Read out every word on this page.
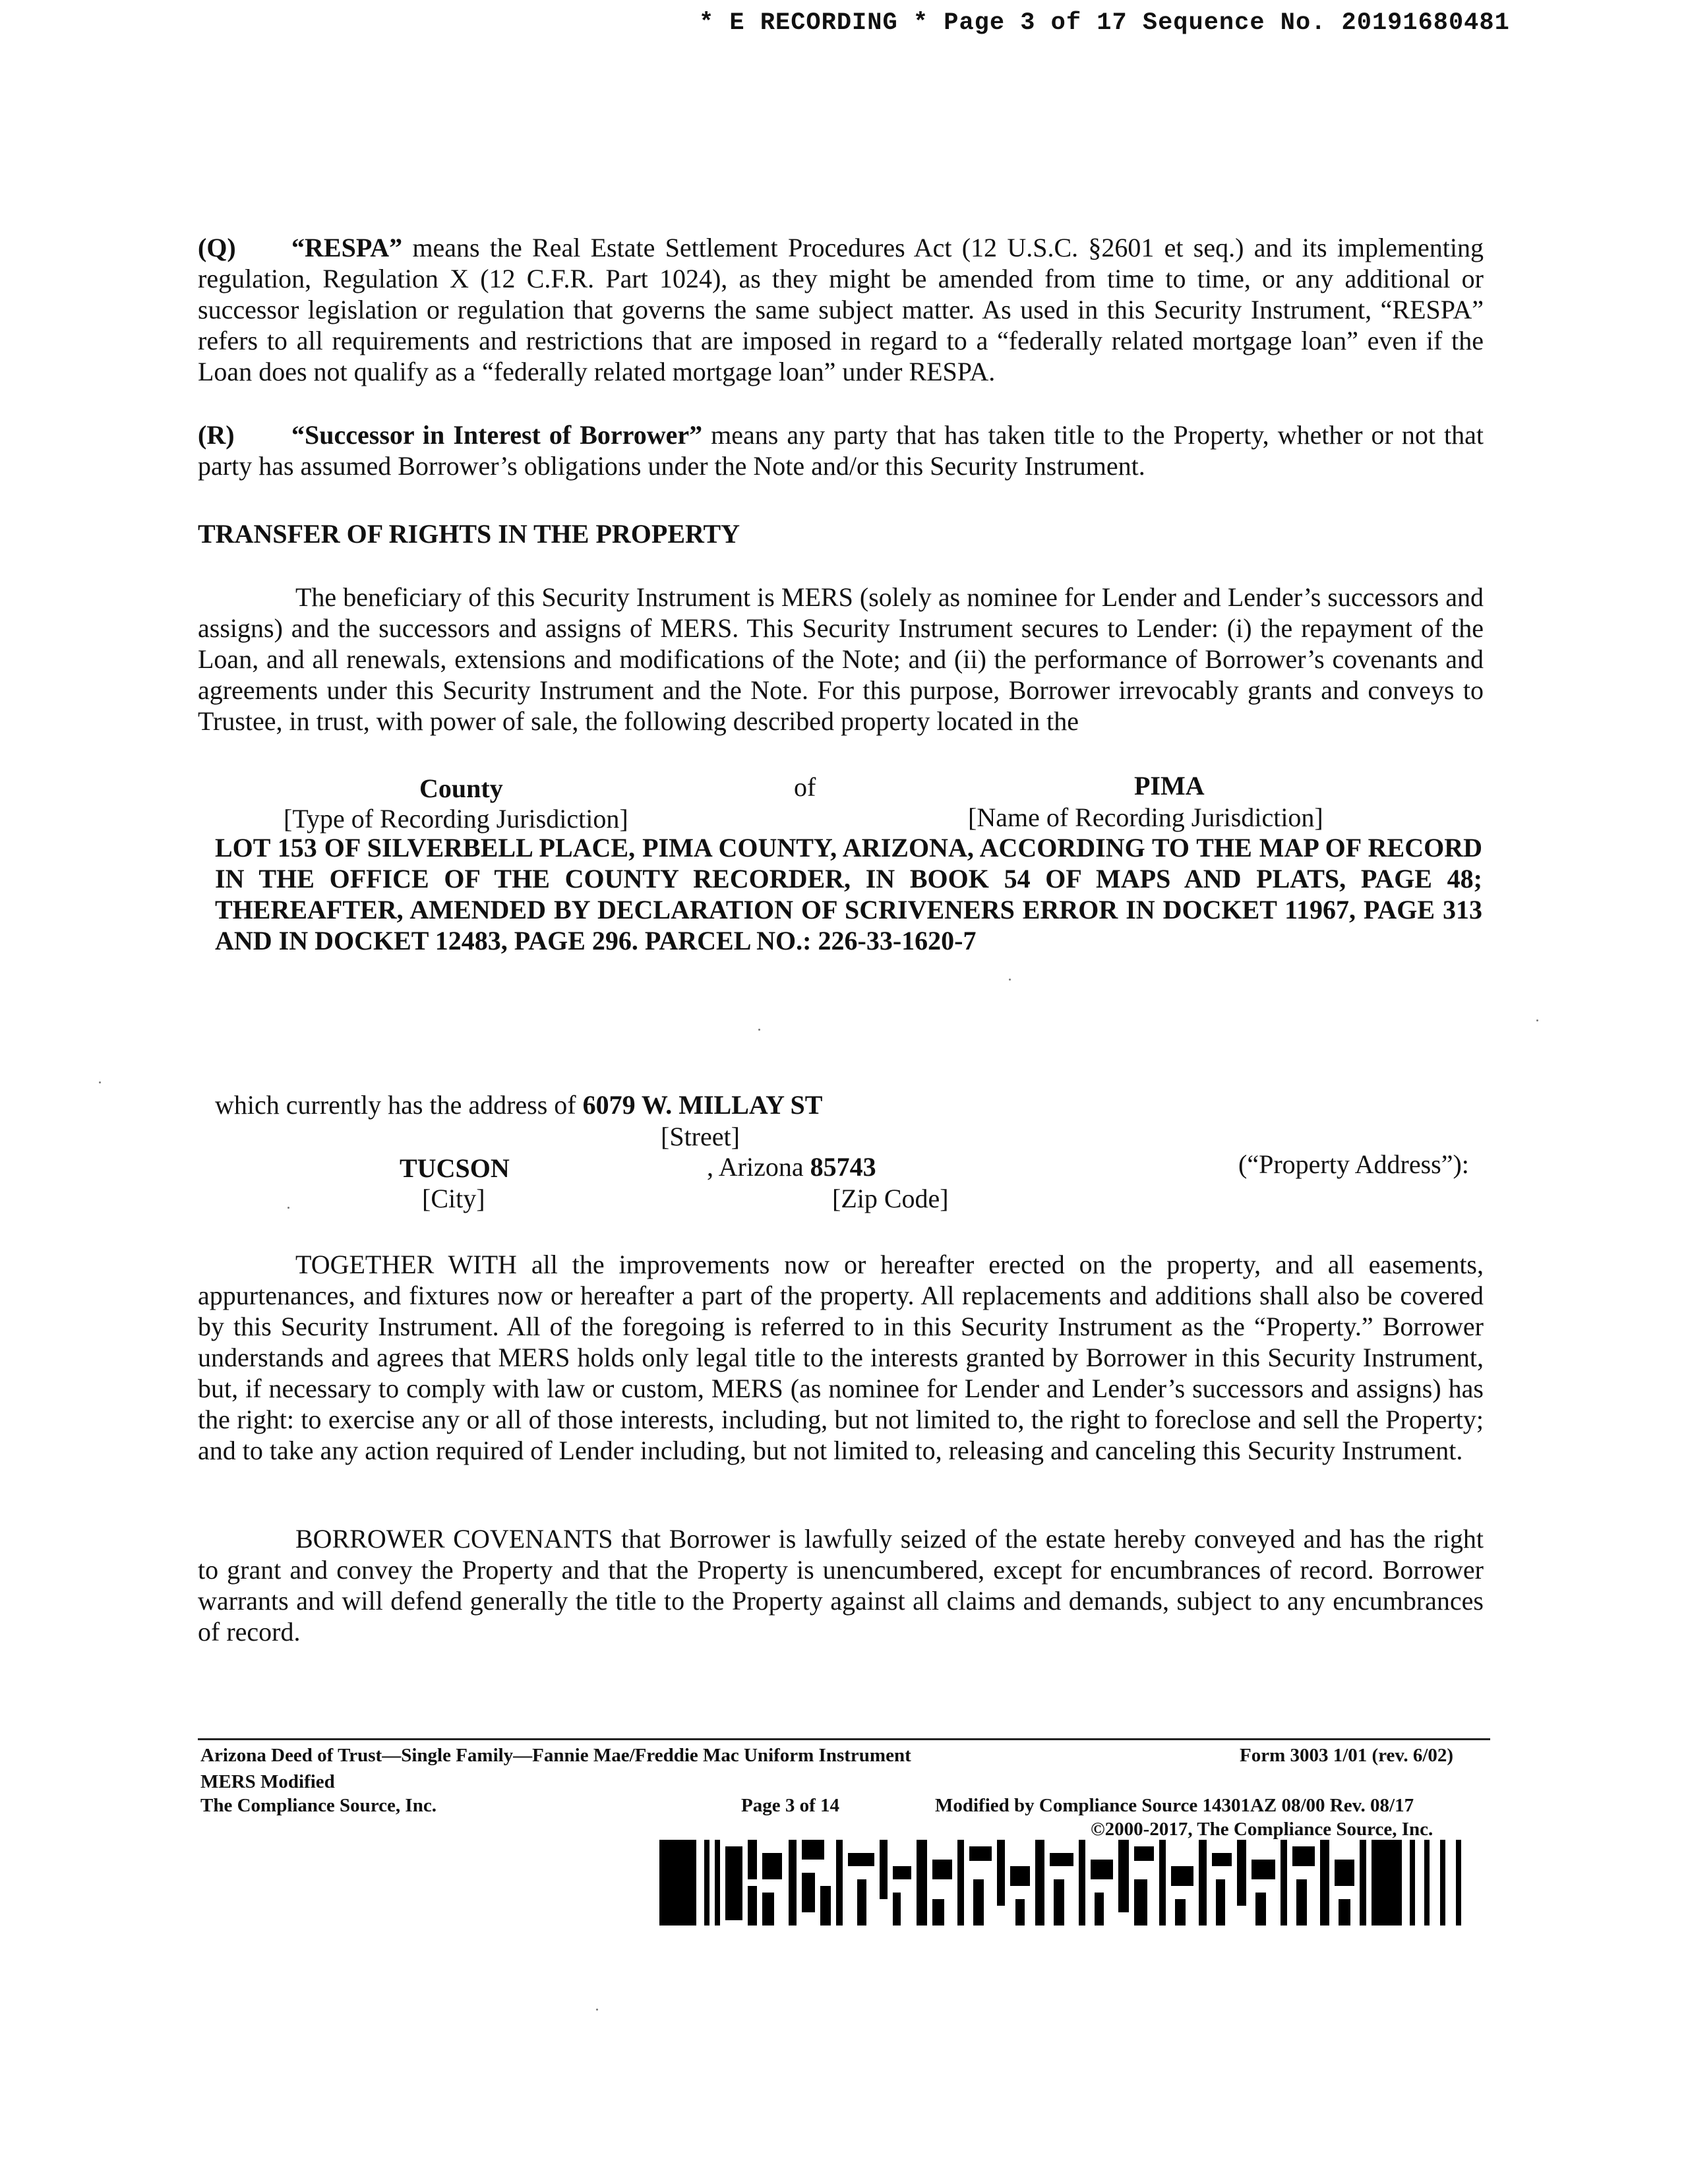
* E RECORDING * Page 3 of 17 Sequence No. 20191680481
(Q) “RESPA” means the Real Estate Settlement Procedures Act (12 U.S.C. §2601 et seq.) and its implementing regulation, Regulation X (12 C.F.R. Part 1024), as they might be amended from time to time, or any additional or successor legislation or regulation that governs the same subject matter. As used in this Security Instrument, “RESPA” refers to all requirements and restrictions that are imposed in regard to a “federally related mortgage loan” even if the Loan does not qualify as a “federally related mortgage loan” under RESPA.
(R) “Successor in Interest of Borrower” means any party that has taken title to the Property, whether or not that party has assumed Borrower’s obligations under the Note and/or this Security Instrument.
TRANSFER OF RIGHTS IN THE PROPERTY
The beneficiary of this Security Instrument is MERS (solely as nominee for Lender and Lender’s successors and assigns) and the successors and assigns of MERS. This Security Instrument secures to Lender: (i) the repayment of the Loan, and all renewals, extensions and modifications of the Note; and (ii) the performance of Borrower’s covenants and agreements under this Security Instrument and the Note. For this purpose, Borrower irrevocably grants and conveys to Trustee, in trust, with power of sale, the following described property located in the
County	of	PIMA
[Type of Recording Jurisdiction]	[Name of Recording Jurisdiction]
LOT 153 OF SILVERBELL PLACE, PIMA COUNTY, ARIZONA, ACCORDING TO THE MAP OF RECORD IN THE OFFICE OF THE COUNTY RECORDER, IN BOOK 54 OF MAPS AND PLATS, PAGE 48; THEREAFTER, AMENDED BY DECLARATION OF SCRIVENERS ERROR IN DOCKET 11967, PAGE 313 AND IN DOCKET 12483, PAGE 296. PARCEL NO.: 226-33-1620-7
which currently has the address of 6079 W. MILLAY ST
[Street]
TUCSON	, Arizona 85743	(“Property Address”):
[City]	[Zip Code]
TOGETHER WITH all the improvements now or hereafter erected on the property, and all easements, appurtenances, and fixtures now or hereafter a part of the property. All replacements and additions shall also be covered by this Security Instrument. All of the foregoing is referred to in this Security Instrument as the “Property.” Borrower understands and agrees that MERS holds only legal title to the interests granted by Borrower in this Security Instrument, but, if necessary to comply with law or custom, MERS (as nominee for Lender and Lender’s successors and assigns) has the right: to exercise any or all of those interests, including, but not limited to, the right to foreclose and sell the Property; and to take any action required of Lender including, but not limited to, releasing and canceling this Security Instrument.
BORROWER COVENANTS that Borrower is lawfully seized of the estate hereby conveyed and has the right to grant and convey the Property and that the Property is unencumbered, except for encumbrances of record. Borrower warrants and will defend generally the title to the Property against all claims and demands, subject to any encumbrances of record.
Arizona Deed of Trust—Single Family—Fannie Mae/Freddie Mac Uniform Instrument	Form 3003 1/01 (rev. 6/02)
MERS Modified
The Compliance Source, Inc.	Page 3 of 14	Modified by Compliance Source 14301AZ 08/00 Rev. 08/17
©2000-2017, The Compliance Source, Inc.
